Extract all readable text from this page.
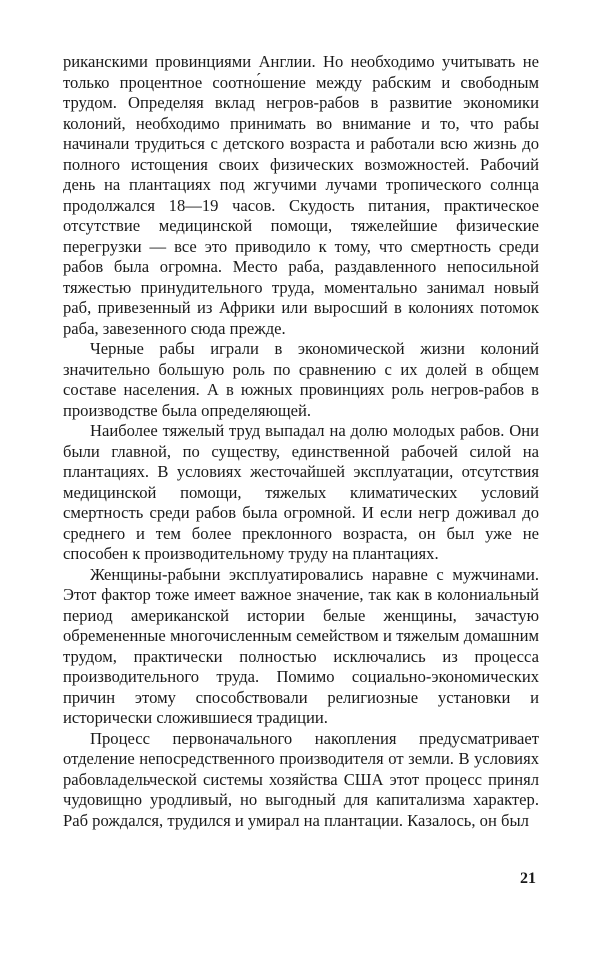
риканскими провинциями Англии. Но необходимо учитывать не только процентное соотно́шение между рабским и свободным трудом. Определяя вклад негров-рабов в развитие экономики колоний, необходимо принимать во внимание и то, что рабы начинали трудиться с детского возраста и работали всю жизнь до полного истощения своих физических возможностей. Рабочий день на плантациях под жгучими лучами тропического солнца продолжался 18—19 часов. Скудость питания, практическое отсутствие медицинской помощи, тяжелейшие физические перегрузки — все это приводило к тому, что смертность среди рабов была огромна. Место раба, раздавленного непосильной тяжестью принудительного труда, моментально занимал новый раб, привезенный из Африки или выросший в колониях потомок раба, завезенного сюда прежде.

Черные рабы играли в экономической жизни колоний значительно большую роль по сравнению с их долей в общем составе населения. А в южных провинциях роль негров-рабов в производстве была определяющей.

Наиболее тяжелый труд выпадал на долю молодых рабов. Они были главной, по существу, единственной рабочей силой на плантациях. В условиях жесточайшей эксплуатации, отсутствия медицинской помощи, тяжелых климатических условий смертность среди рабов была огромной. И если негр доживал до среднего и тем более преклонного возраста, он был уже не способен к производительному труду на плантациях.

Женщины-рабыни эксплуатировались наравне с мужчинами. Этот фактор тоже имеет важное значение, так как в колониальный период американской истории белые женщины, зачастую обремененные многочисленным семейством и тяжелым домашним трудом, практически полностью исключались из процесса производительного труда. Помимо социально-экономических причин этому способствовали религиозные установки и исторически сложившиеся традиции.

Процесс первоначального накопления предусматривает отделение непосредственного производителя от земли. В условиях рабовладельческой системы хозяйства США этот процесс принял чудовищно уродливый, но выгодный для капитализма характер. Раб рождался, трудился и умирал на плантации. Казалось, он был

21
